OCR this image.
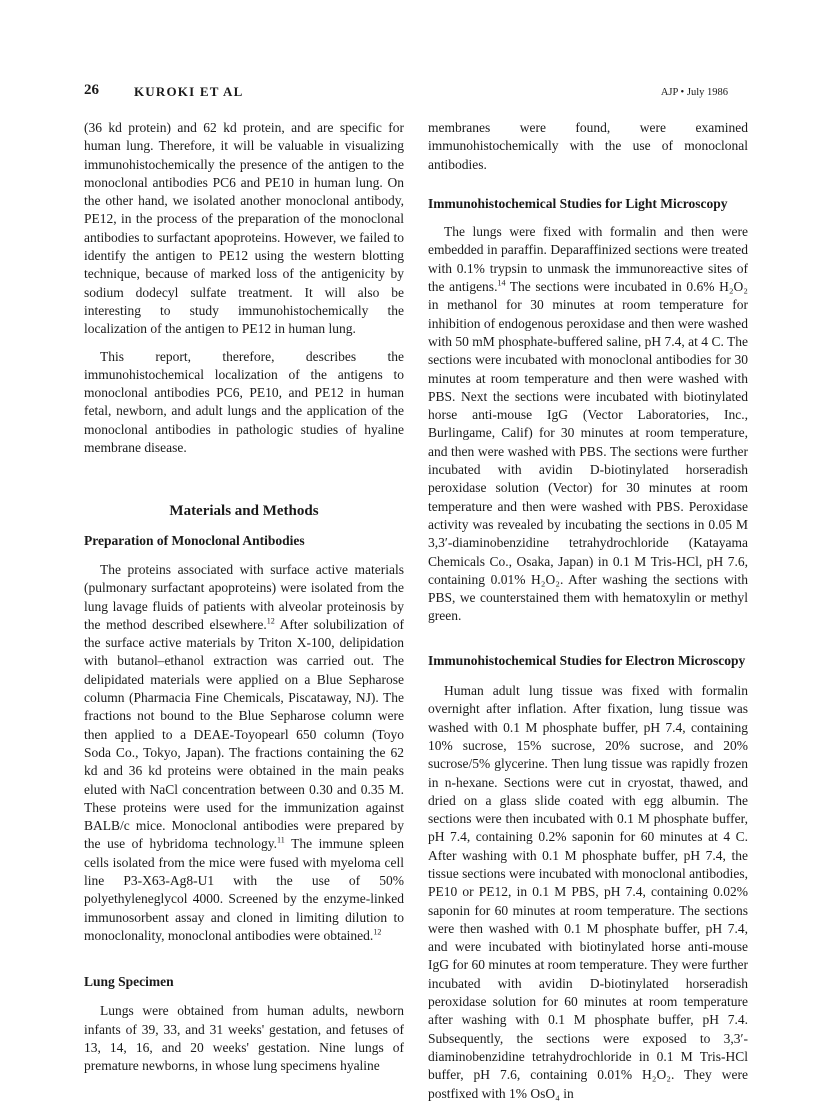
26	KUROKI ET AL	AJP • July 1986

(36 kd protein) and 62 kd protein, and are specific for human lung. Therefore, it will be valuable in visualizing immunohistochemically the presence of the antigen to the monoclonal antibodies PC6 and PE10 in human lung. On the other hand, we isolated another monoclonal antibody, PE12, in the process of the preparation of the monoclonal antibodies to surfactant apoproteins. However, we failed to identify the antigen to PE12 using the western blotting technique, because of marked loss of the antigenicity by sodium dodecyl sulfate treatment. It will also be interesting to study immunohistochemically the localization of the antigen to PE12 in human lung.

This report, therefore, describes the immunohistochemical localization of the antigens to monoclonal antibodies PC6, PE10, and PE12 in human fetal, newborn, and adult lungs and the application of the monoclonal antibodies in pathologic studies of hyaline membrane disease.

Materials and Methods
Preparation of Monoclonal Antibodies

The proteins associated with surface active materials (pulmonary surfactant apoproteins) were isolated from the lung lavage fluids of patients with alveolar proteinosis by the method described elsewhere.$^{12}$ After solubilization of the surface active materials by Triton X-100, delipidation with butanol–ethanol extraction was carried out. The delipidated materials were applied on a Blue Sepharose column (Pharmacia Fine Chemicals, Piscataway, NJ). The fractions not bound to the Blue Sepharose column were then applied to a DEAE-Toyopearl 650 column (Toyo Soda Co., Tokyo, Japan). The fractions containing the 62 kd and 36 kd proteins were obtained in the main peaks eluted with NaCl concentration between 0.30 and 0.35 M. These proteins were used for the immunization against BALB/c mice. Monoclonal antibodies were prepared by the use of hybridoma technology.$^{11}$ The immune spleen cells isolated from the mice were fused with myeloma cell line P3-X63-Ag8-U1 with the use of 50% polyethyleneglycol 4000. Screened by the enzyme-linked immunosorbent assay and cloned in limiting dilution to monoclonality, monoclonal antibodies were obtained.$^{12}$

Lung Specimen

Lungs were obtained from human adults, newborn infants of 39, 33, and 31 weeks' gestation, and fetuses of 13, 14, 16, and 20 weeks' gestation. Nine lungs of premature newborns, in whose lung specimens hyaline

membranes were found, were examined immunohistochemically with the use of monoclonal antibodies.

Immunohistochemical Studies for Light Microscopy

The lungs were fixed with formalin and then were embedded in paraffin. Deparaffinized sections were treated with 0.1% trypsin to unmask the immunoreactive sites of the antigens.$^{14}$ The sections were incubated in 0.6% H₂O₂ in methanol for 30 minutes at room temperature for inhibition of endogenous peroxidase and then were washed with 50 mM phosphate-buffered saline, pH 7.4, at 4 C. The sections were incubated with monoclonal antibodies for 30 minutes at room temperature and then were washed with PBS. Next the sections were incubated with biotinylated horse anti-mouse IgG (Vector Laboratories, Inc., Burlingame, Calif) for 30 minutes at room temperature, and then were washed with PBS. The sections were further incubated with avidin D-biotinylated horseradish peroxidase solution (Vector) for 30 minutes at room temperature and then were washed with PBS. Peroxidase activity was revealed by incubating the sections in 0.05 M 3,3′-diaminobenzidine tetrahydrochloride (Katayama Chemicals Co., Osaka, Japan) in 0.1 M Tris-HCl, pH 7.6, containing 0.01% H₂O₂. After washing the sections with PBS, we counterstained them with hematoxylin or methyl green.

Immunohistochemical Studies for Electron Microscopy

Human adult lung tissue was fixed with formalin overnight after inflation. After fixation, lung tissue was washed with 0.1 M phosphate buffer, pH 7.4, containing 10% sucrose, 15% sucrose, 20% sucrose, and 20% sucrose/5% glycerine. Then lung tissue was rapidly frozen in n-hexane. Sections were cut in cryostat, thawed, and dried on a glass slide coated with egg albumin. The sections were then incubated with 0.1 M phosphate buffer, pH 7.4, containing 0.2% saponin for 60 minutes at 4 C. After washing with 0.1 M phosphate buffer, pH 7.4, the tissue sections were incubated with monoclonal antibodies, PE10 or PE12, in 0.1 M PBS, pH 7.4, containing 0.02% saponin for 60 minutes at room temperature. The sections were then washed with 0.1 M phosphate buffer, pH 7.4, and were incubated with biotinylated horse anti-mouse IgG for 60 minutes at room temperature. They were further incubated with avidin D-biotinylated horseradish peroxidase solution for 60 minutes at room temperature after washing with 0.1 M phosphate buffer, pH 7.4. Subsequently, the sections were exposed to 3,3′-diaminobenzidine tetrahydrochloride in 0.1 M Tris-HCl buffer, pH 7.6, containing 0.01% H₂O₂. They were postfixed with 1% OsO₄ in
